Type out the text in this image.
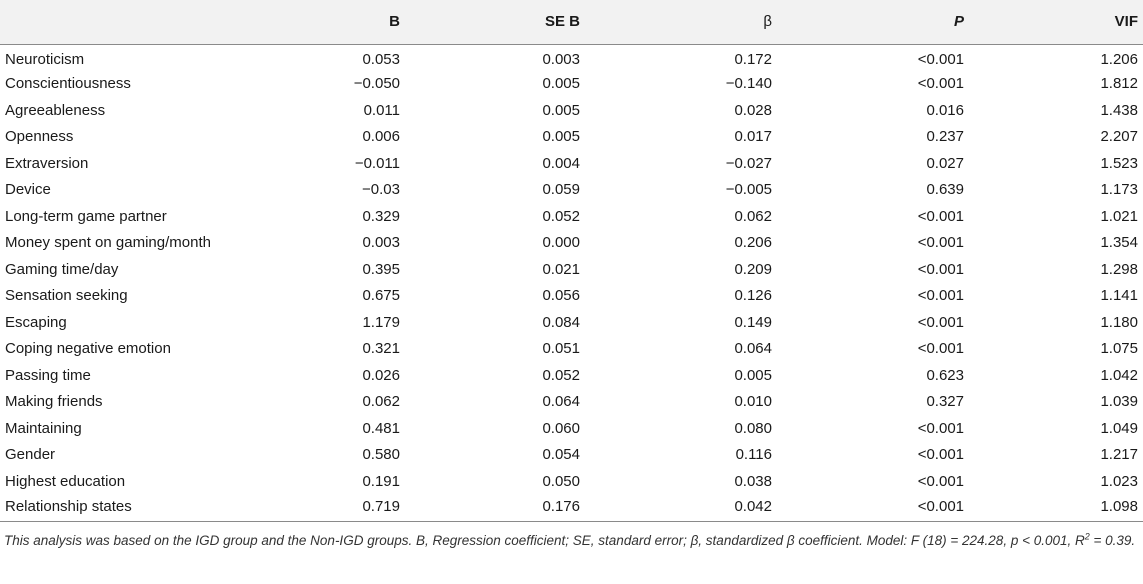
	B	SE B	β	P	VIF
Neuroticism	0.053	0.003	0.172	<0.001	1.206
Conscientiousness	−0.050	0.005	−0.140	<0.001	1.812
Agreeableness	0.011	0.005	0.028	0.016	1.438
Openness	0.006	0.005	0.017	0.237	2.207
Extraversion	−0.011	0.004	−0.027	0.027	1.523
Device	−0.03	0.059	−0.005	0.639	1.173
Long-term game partner	0.329	0.052	0.062	<0.001	1.021
Money spent on gaming/month	0.003	0.000	0.206	<0.001	1.354
Gaming time/day	0.395	0.021	0.209	<0.001	1.298
Sensation seeking	0.675	0.056	0.126	<0.001	1.141
Escaping	1.179	0.084	0.149	<0.001	1.180
Coping negative emotion	0.321	0.051	0.064	<0.001	1.075
Passing time	0.026	0.052	0.005	0.623	1.042
Making friends	0.062	0.064	0.010	0.327	1.039
Maintaining	0.481	0.060	0.080	<0.001	1.049
Gender	0.580	0.054	0.116	<0.001	1.217
Highest education	0.191	0.050	0.038	<0.001	1.023
Relationship states	0.719	0.176	0.042	<0.001	1.098
This analysis was based on the IGD group and the Non-IGD groups. B, Regression coefficient; SE, standard error; β, standardized β coefficient. Model: F (18) = 224.28, p < 0.001, $R^2 = 0.39$.
